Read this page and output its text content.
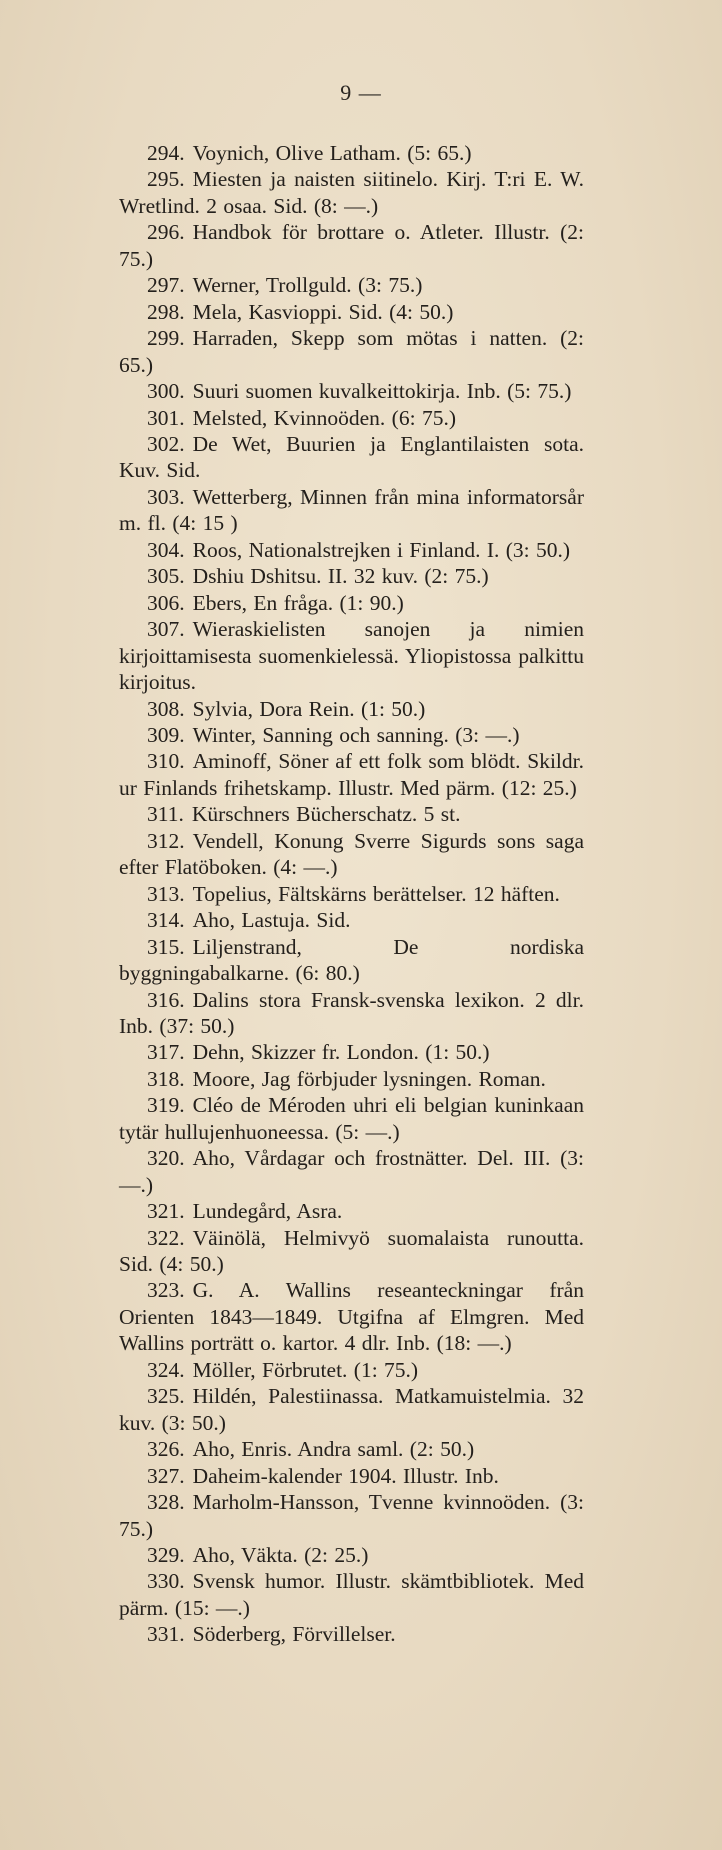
9 —

294. Voynich, Olive Latham. (5: 65.)

295. Miesten ja naisten siitinelo. Kirj. T:ri E. W. Wretlind. 2 osaa. Sid. (8: —.)

296. Handbok för brottare o. Atleter. Illustr. (2: 75.)

297. Werner, Trollguld. (3: 75.)

298. Mela, Kasvioppi. Sid. (4: 50.)

299. Harraden, Skepp som mötas i natten. (2: 65.)

300. Suuri suomen kuvalkeittokirja. Inb. (5: 75.)

301. Melsted, Kvinnoöden. (6: 75.)

302. De Wet, Buurien ja Englantilaisten sota. Kuv. Sid.

303. Wetterberg, Minnen från mina informatorsår m. fl. (4: 15 )

304. Roos, Nationalstrejken i Finland. I. (3: 50.)

305. Dshiu Dshitsu. II. 32 kuv. (2: 75.)

306. Ebers, En fråga. (1: 90.)

307. Wieraskielisten sanojen ja nimien kirjoittamisesta suomenkielessä. Yliopistossa palkittu kirjoitus.

308. Sylvia, Dora Rein. (1: 50.)

309. Winter, Sanning och sanning. (3: —.)

310. Aminoff, Söner af ett folk som blödt. Skildr. ur Finlands frihetskamp. Illustr. Med pärm. (12: 25.)

311. Kürschners Bücherschatz. 5 st.

312. Vendell, Konung Sverre Sigurds sons saga efter Flatöboken. (4: —.)

313. Topelius, Fältskärns berättelser. 12 häften.

314. Aho, Lastuja. Sid.

315. Liljenstrand, De nordiska byggningabalkarne. (6: 80.)

316. Dalins stora Fransk-svenska lexikon. 2 dlr. Inb. (37: 50.)

317. Dehn, Skizzer fr. London. (1: 50.)

318. Moore, Jag förbjuder lysningen. Roman.

319. Cléo de Méroden uhri eli belgian kuninkaan tytär hullujenhuoneessa. (5: —.)

320. Aho, Vårdagar och frostnätter. Del. III. (3: —.)

321. Lundegård, Asra.

322. Väinölä, Helmivyö suomalaista runoutta. Sid. (4: 50.)

323. G. A. Wallins reseanteckningar från Orienten 1843—1849. Utgifna af Elmgren. Med Wallins porträtt o. kartor. 4 dlr. Inb. (18: —.)

324. Möller, Förbrutet. (1: 75.)

325. Hildén, Palestiinassa. Matkamuistelmia. 32 kuv. (3: 50.)

326. Aho, Enris. Andra saml. (2: 50.)

327. Daheim-kalender 1904. Illustr. Inb.

328. Marholm-Hansson, Tvenne kvinnoöden. (3: 75.)

329. Aho, Väkta. (2: 25.)

330. Svensk humor. Illustr. skämtbibliotek. Med pärm. (15: —.)

331. Söderberg, Förvillelser.
